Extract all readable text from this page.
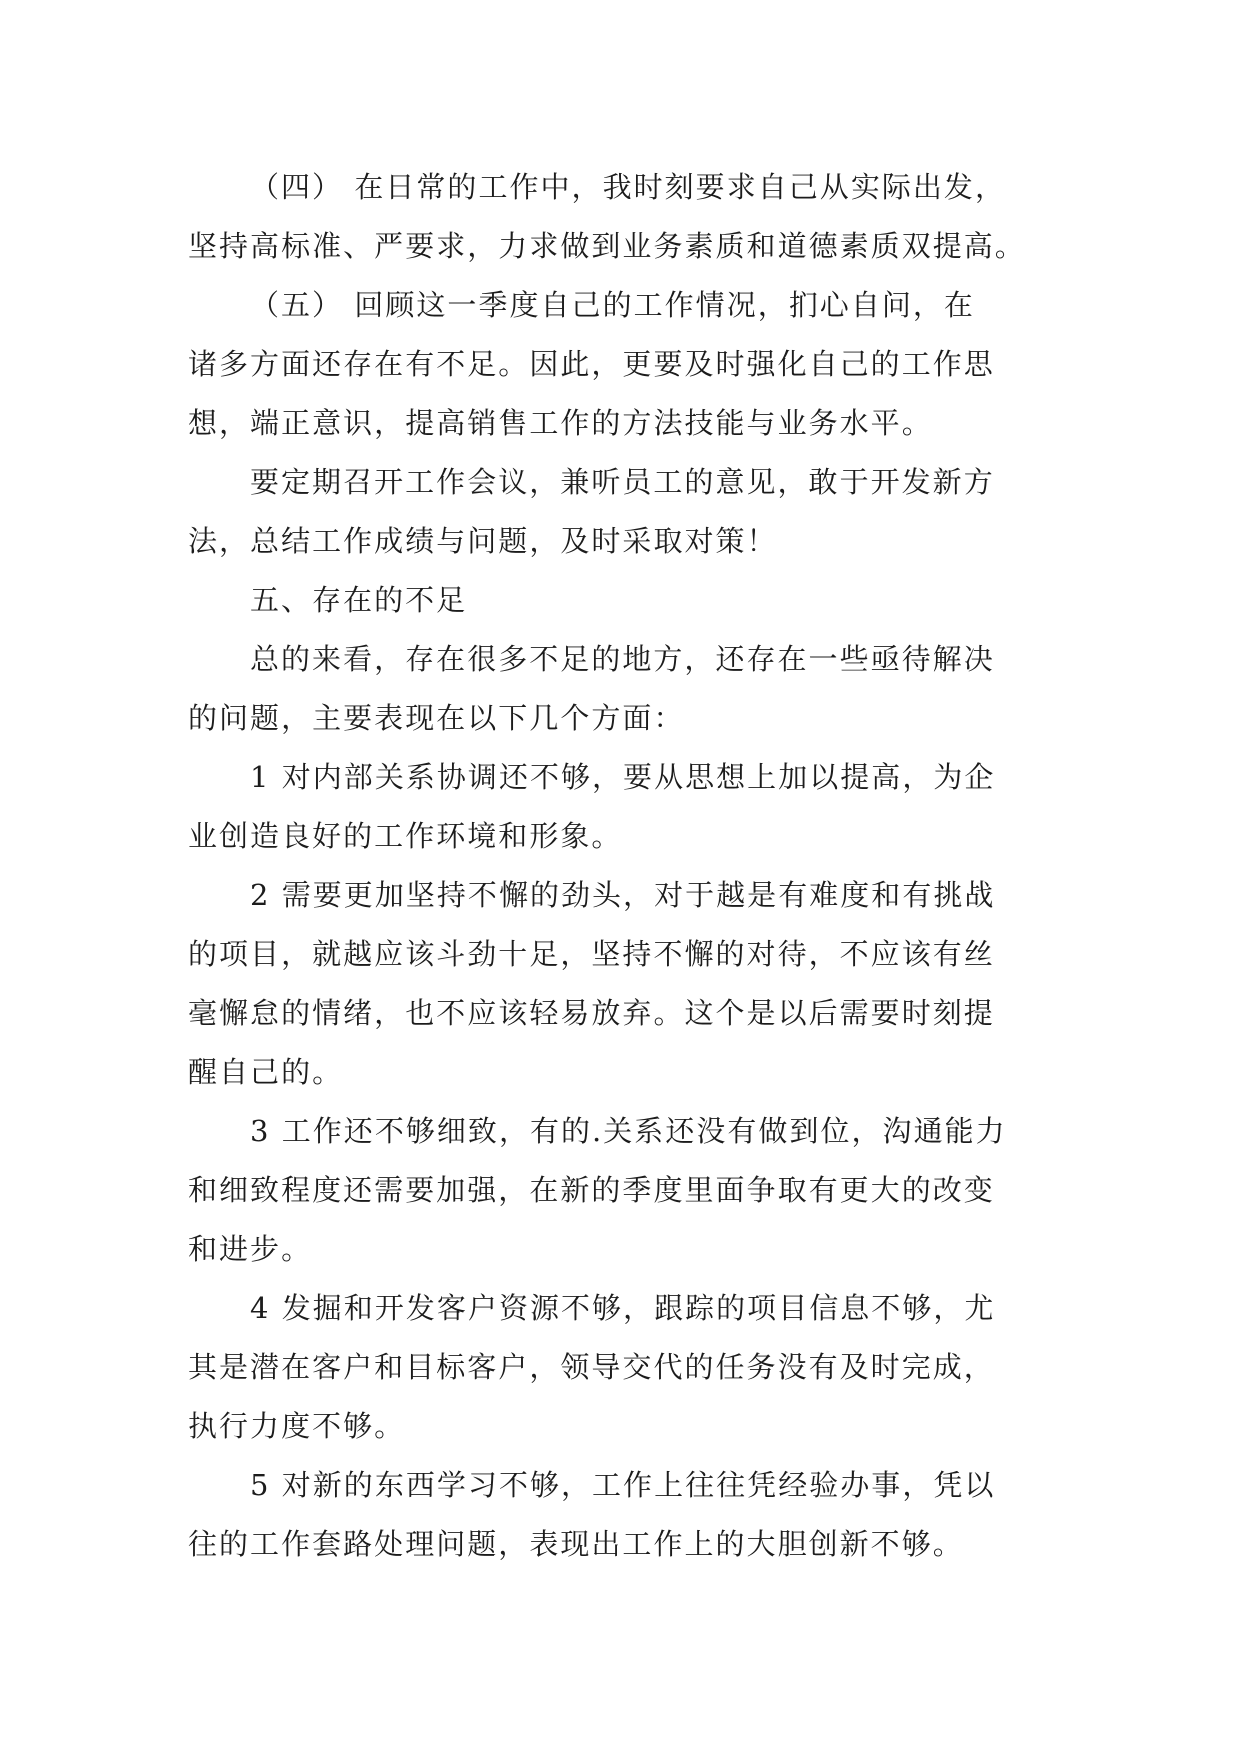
（四） 在日常的工作中，我时刻要求自己从实际出发，
坚持高标准、严要求，力求做到业务素质和道德素质双提高。
（五） 回顾这一季度自己的工作情况，扪心自问，在
诸多方面还存在有不足。因此，更要及时强化自己的工作思
想，端正意识，提高销售工作的方法技能与业务水平。
要定期召开工作会议，兼听员工的意见，敢于开发新方
法，总结工作成绩与问题，及时采取对策！
五、存在的不足
总的来看，存在很多不足的地方，还存在一些亟待解决
的问题，主要表现在以下几个方面：
1 对内部关系协调还不够，要从思想上加以提高，为企
业创造良好的工作环境和形象。
2 需要更加坚持不懈的劲头，对于越是有难度和有挑战
的项目，就越应该斗劲十足，坚持不懈的对待，不应该有丝
毫懈怠的情绪，也不应该轻易放弃。这个是以后需要时刻提
醒自己的。
3 工作还不够细致，有的.关系还没有做到位，沟通能力
和细致程度还需要加强，在新的季度里面争取有更大的改变
和进步。
4 发掘和开发客户资源不够，跟踪的项目信息不够，尤
其是潜在客户和目标客户，领导交代的任务没有及时完成，
执行力度不够。
5 对新的东西学习不够，工作上往往凭经验办事，凭以
往的工作套路处理问题，表现出工作上的大胆创新不够。
